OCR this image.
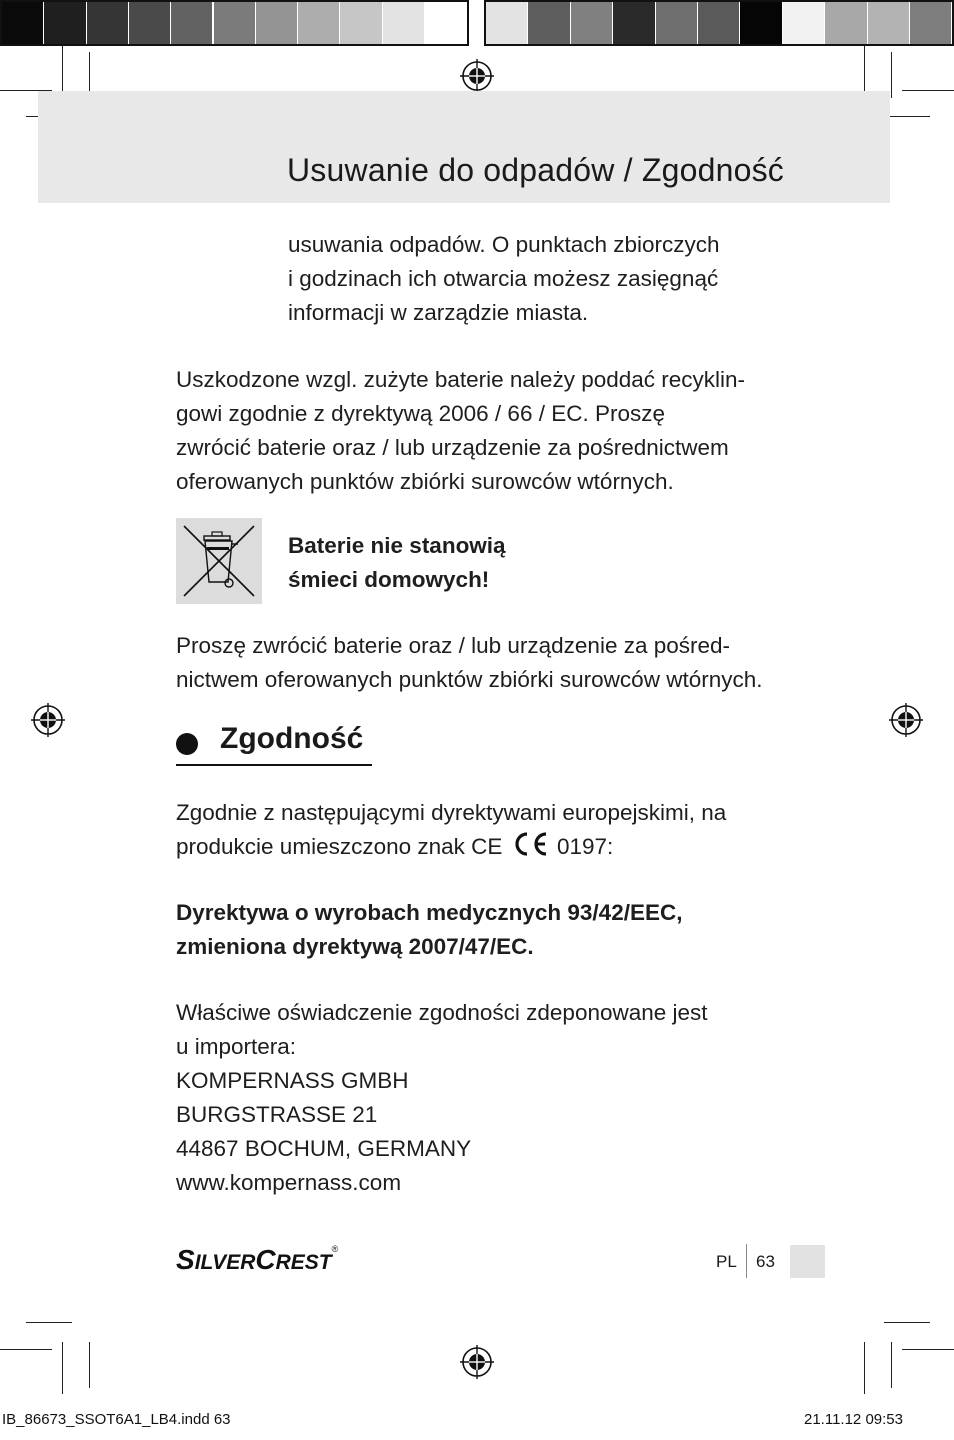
Usuwanie do odpadów / Zgodność
usuwania odpadów. O punktach zbiorczych
i godzinach ich otwarcia możesz zasięgnąć
informacji w zarządzie miasta.
Uszkodzone wzgl. zużyte baterie należy poddać recyklin-
gowi zgodnie z dyrektywą 2006 / 66 / EC. Proszę
zwrócić baterie oraz / lub urządzenie za pośrednictwem
oferowanych punktów zbiórki surowców wtórnych.
Baterie nie stanowią
śmieci domowych!
Proszę zwrócić baterie oraz / lub urządzenie za pośred-
nictwem oferowanych punktów zbiórki surowców wtórnych.
Zgodność
Zgodnie z następującymi dyrektywami europejskimi, na
produkcie umieszczono znak CE 0197:
Dyrektywa o wyrobach medycznych 93/42/EEC,
zmieniona dyrektywą 2007/47/EC.
Właściwe oświadczenie zgodności zdeponowane jest
u importera:
KOMPERNASS GMBH
BURGSTRASSE 21
44867 BOCHUM, GERMANY
www.kompernass.com
SILVERCREST®
PL 63
IB_86673_SSOT6A1_LB4.indd 63	21.11.12 09:53
